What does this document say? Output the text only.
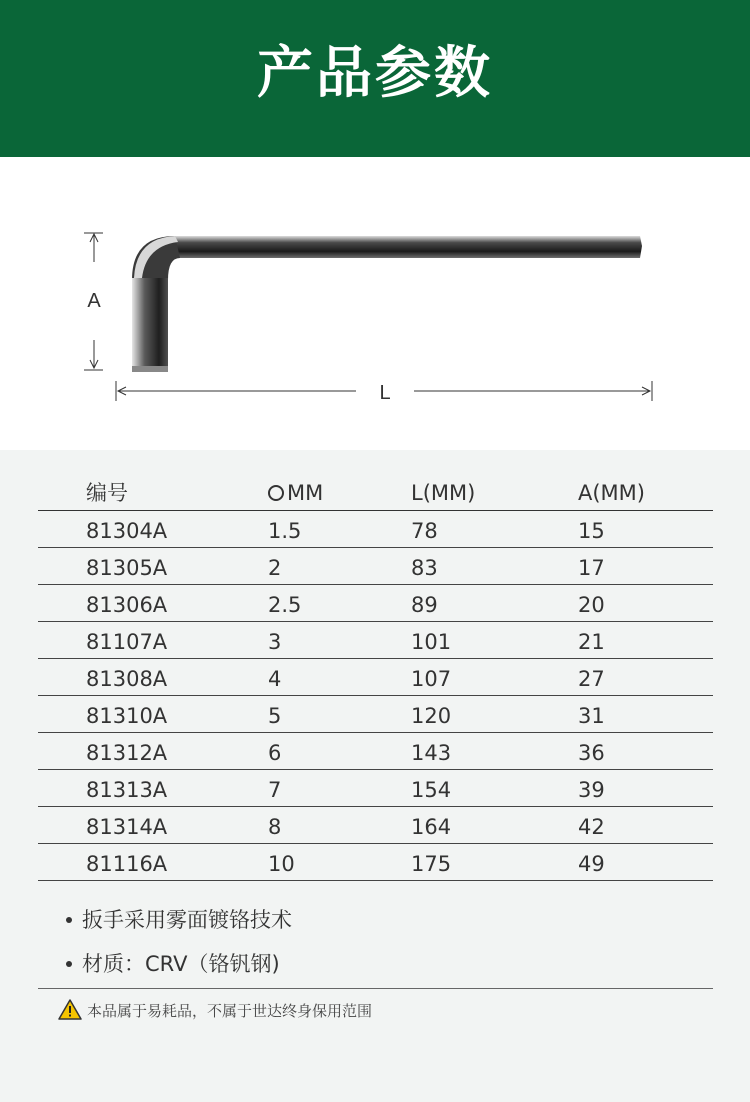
产品参数
A
L
编号	MM	L(MM)	A(MM)
81304A	1.5	78	15
81305A	2	83	17
81306A	2.5	89	20
81107A	3	101	21
81308A	4	107	27
81310A	5	120	31
81312A	6	143	36
81313A	7	154	39
81314A	8	164	42
81116A	10	175	49
扳手采用雾面镀铬技术
材质：CRV（铬钒钢)
本品属于易耗品，不属于世达终身保用范围
